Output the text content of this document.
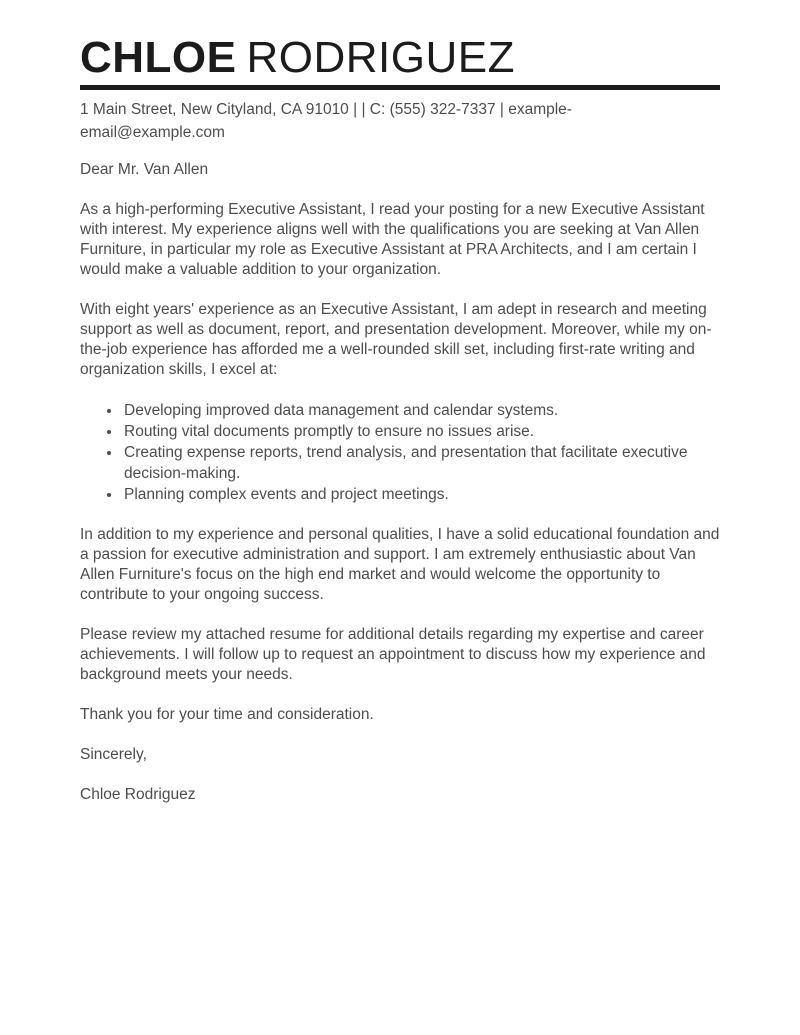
CHLOE RODRIGUEZ
1 Main Street, New Cityland, CA 91010 | | C: (555) 322-7337 | example-
email@example.com

Dear Mr. Van Allen

As a high-performing Executive Assistant, I read your posting for a new Executive Assistant with interest. My experience aligns well with the qualifications you are seeking at Van Allen Furniture, in particular my role as Executive Assistant at PRA Architects, and I am certain I would make a valuable addition to your organization.

With eight years' experience as an Executive Assistant, I am adept in research and meeting support as well as document, report, and presentation development. Moreover, while my on-the-job experience has afforded me a well-rounded skill set, including first-rate writing and organization skills, I excel at:

• Developing improved data management and calendar systems.
• Routing vital documents promptly to ensure no issues arise.
• Creating expense reports, trend analysis, and presentation that facilitate executive decision-making.
• Planning complex events and project meetings.

In addition to my experience and personal qualities, I have a solid educational foundation and a passion for executive administration and support. I am extremely enthusiastic about Van Allen Furniture's focus on the high end market and would welcome the opportunity to contribute to your ongoing success.

Please review my attached resume for additional details regarding my expertise and career achievements. I will follow up to request an appointment to discuss how my experience and background meets your needs.

Thank you for your time and consideration.

Sincerely,

Chloe Rodriguez
